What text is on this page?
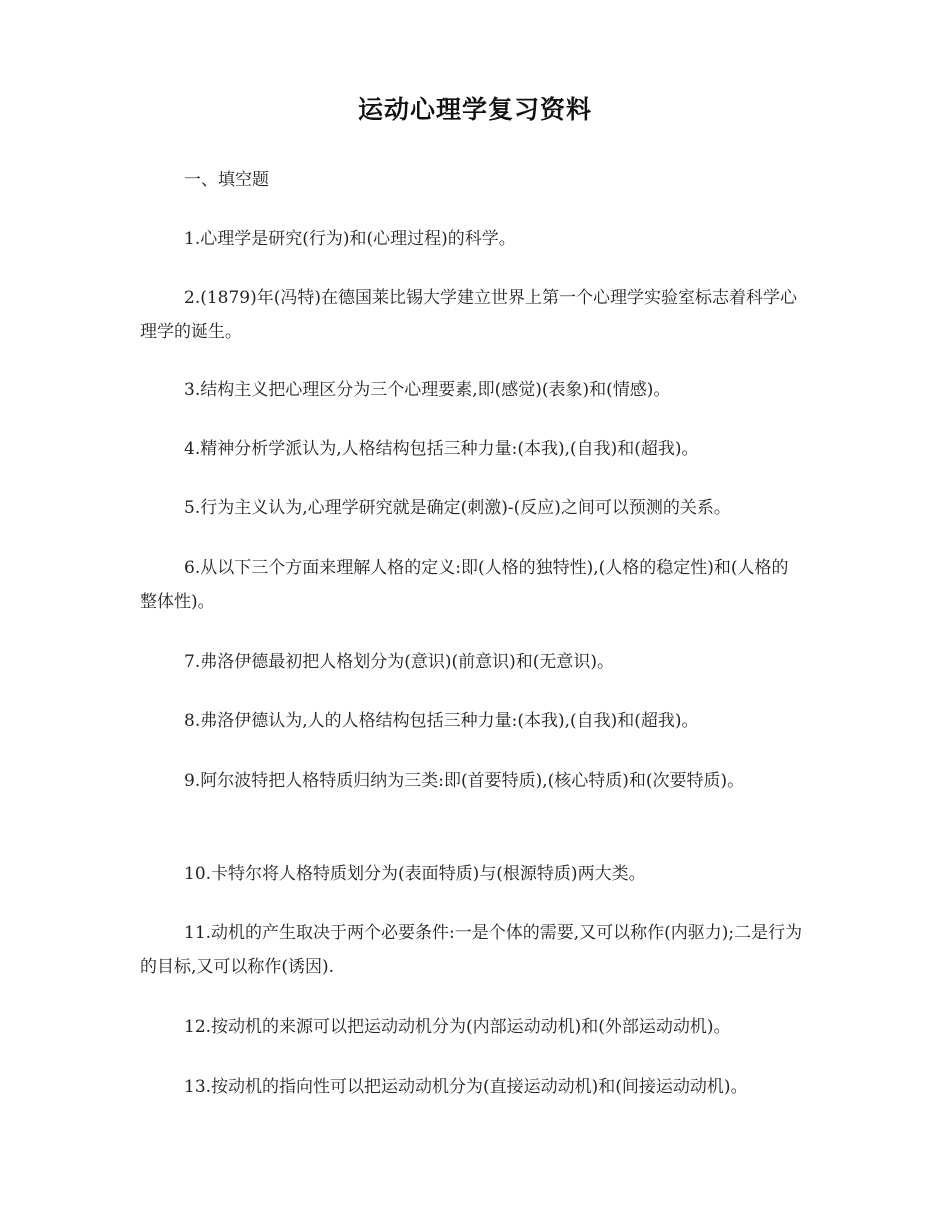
运动心理学复习资料
一、填空题
1.心理学是研究(行为)和(心理过程)的科学。
2.(1879)年(冯特)在德国莱比锡大学建立世界上第一个心理学实验室标志着科学心理学的诞生。
3.结构主义把心理区分为三个心理要素,即(感觉)(表象)和(情感)。
4.精神分析学派认为,人格结构包括三种力量:(本我),(自我)和(超我)。
5.行为主义认为,心理学研究就是确定(刺激)-(反应)之间可以预测的关系。
6.从以下三个方面来理解人格的定义:即(人格的独特性),(人格的稳定性)和(人格的整体性)。
7.弗洛伊德最初把人格划分为(意识)(前意识)和(无意识)。
8.弗洛伊德认为,人的人格结构包括三种力量:(本我),(自我)和(超我)。
9.阿尔波特把人格特质归纳为三类:即(首要特质),(核心特质)和(次要特质)。
10.卡特尔将人格特质划分为(表面特质)与(根源特质)两大类。
11.动机的产生取决于两个必要条件:一是个体的需要,又可以称作(内驱力);二是行为的目标,又可以称作(诱因).
12.按动机的来源可以把运动动机分为(内部运动动机)和(外部运动动机)。
13.按动机的指向性可以把运动动机分为(直接运动动机)和(间接运动动机)。
